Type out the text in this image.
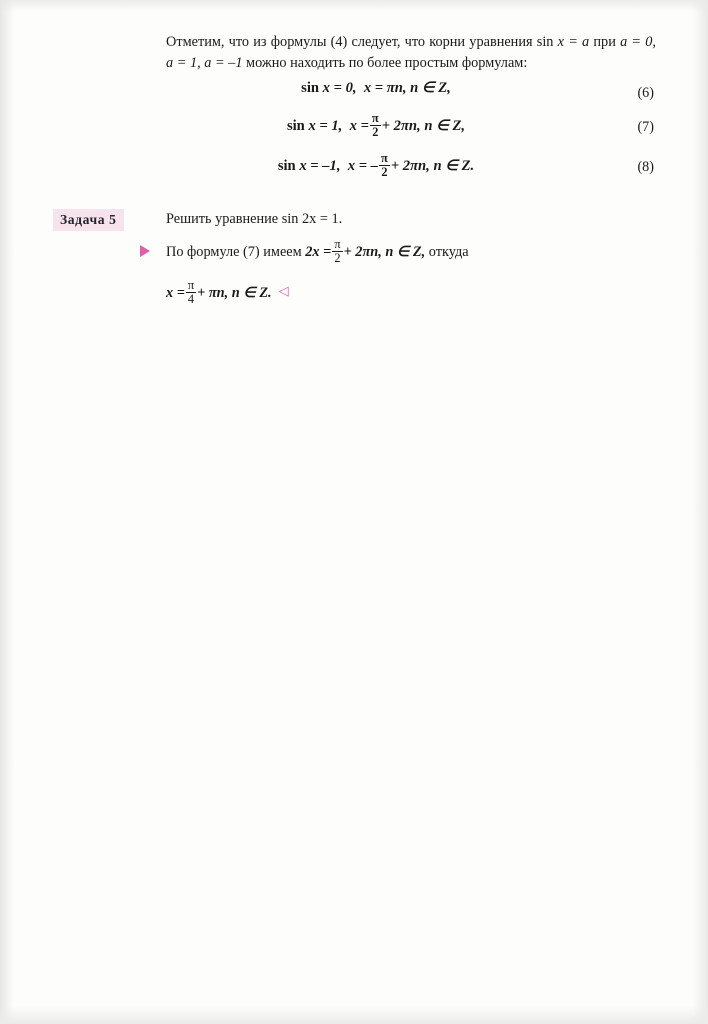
Отметим, что из формулы (4) следует, что корни уравнения sin x = a при a = 0, a = 1, a = –1 можно находить по более простым формулам:

sin x = 0, x = πn, n ∈ Z,	(6)
sin x = 1, $x = \frac{\pi}{2} + 2\pi n$, n ∈ Z,	(7)
sin x = –1, x = – $\frac{\pi}{2} + 2\pi n$, n ∈ Z.	(8)
Задача 5	Решить уравнение sin 2x = 1.
По формуле (7) имеем $2x = \frac{\pi}{2} + 2\pi n$, n ∈ Z, откуда
$x = \frac{\pi}{4} + \pi n$, n ∈ Z. ◁
